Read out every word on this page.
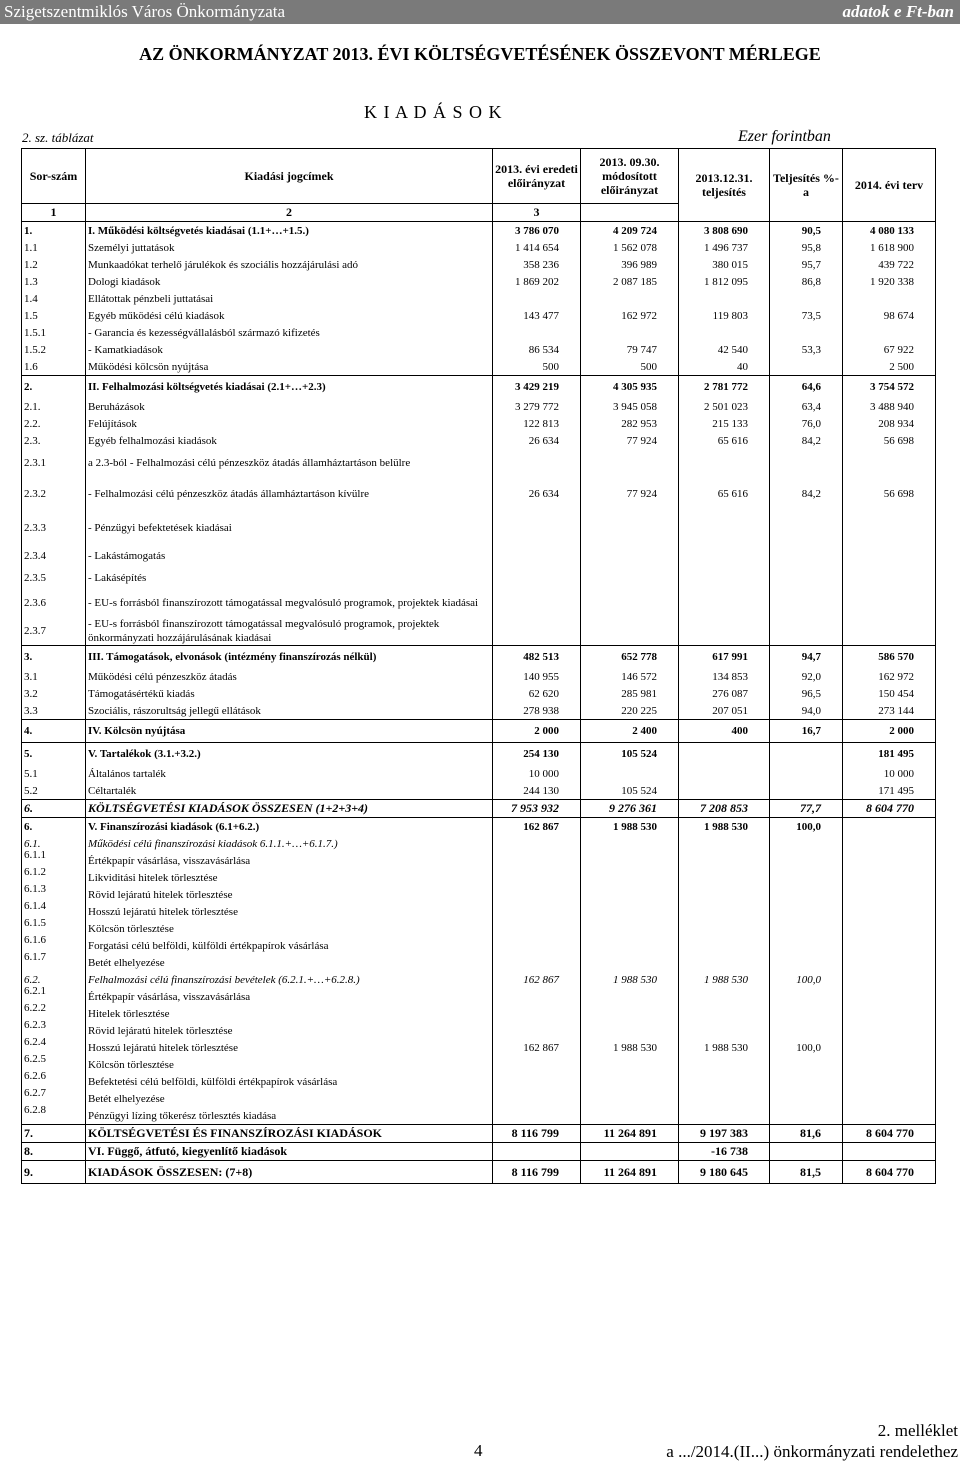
Szigetszentmiklós Város Önkormányzata	adatok e Ft-ban
AZ ÖNKORMÁNYZAT 2013. ÉVI KÖLTSÉGVETÉSÉNEK ÖSSZEVONT MÉRLEGE
K I A D Á S O K
2. sz. táblázat	Ezer forintban
Sor-szám	Kiadási jogcímek	2013. évi eredeti előirányzat	2013. 09.30. módosított előirányzat	2013.12.31. teljesítés	Teljesítés %-a	2014. évi terv
1	2	3				
1.	I. Működési költségvetés kiadásai (1.1+…+1.5.)	3 786 070	4 209 724	3 808 690	90,5	4 080 133
1.1	Személyi juttatások	1 414 654	1 562 078	1 496 737	95,8	1 618 900
1.2	Munkaadókat terhelő járulékok és szociális hozzájárulási adó	358 236	396 989	380 015	95,7	439 722
1.3	Dologi kiadások	1 869 202	2 087 185	1 812 095	86,8	1 920 338
1.4	Ellátottak pénzbeli juttatásai					
1.5	Egyéb működési célú kiadások	143 477	162 972	119 803	73,5	98 674
1.5.1	- Garancia és kezességvállalásból származó kifizetés					
1.5.2	- Kamatkiadások	86 534	79 747	42 540	53,3	67 922
1.6	Működési kölcsön nyújtása	500	500	40		2 500
2.	II. Felhalmozási költségvetés kiadásai (2.1+…+2.3)	3 429 219	4 305 935	2 781 772	64,6	3 754 572
2.1.	Beruházások	3 279 772	3 945 058	2 501 023	63,4	3 488 940
2.2.	Felújítások	122 813	282 953	215 133	76,0	208 934
2.3.	Egyéb felhalmozási kiadások	26 634	77 924	65 616	84,2	56 698
2.3.1	a 2.3-ból - Felhalmozási célú pénzeszköz átadás államháztartáson belülre					
2.3.2	- Felhalmozási célú pénzeszköz átadás államháztartáson kívülre	26 634	77 924	65 616	84,2	56 698
2.3.3	- Pénzügyi befektetések kiadásai					
2.3.4	- Lakástámogatás					
2.3.5	- Lakásépítés					
2.3.6	- EU-s forrásból finanszírozott támogatással megvalósuló programok, projektek kiadásai					
2.3.7	- EU-s forrásból finanszírozott támogatással megvalósuló programok, projektek önkormányzati hozzájárulásának kiadásai					
3.	III. Támogatások, elvonások (intézmény finanszírozás nélkül)	482 513	652 778	617 991	94,7	586 570
3.1	Működési célú pénzeszköz átadás	140 955	146 572	134 853	92,0	162 972
3.2	Támogatásértékű kiadás	62 620	285 981	276 087	96,5	150 454
3.3	Szociális, rászorultság jellegű ellátások	278 938	220 225	207 051	94,0	273 144
4.	IV. Kölcsön nyújtása	2 000	2 400	400	16,7	2 000
5.	V. Tartalékok (3.1.+3.2.)	254 130	105 524			181 495
5.1	Általános tartalék	10 000				10 000
5.2	Céltartalék	244 130	105 524			171 495
6.	KÖLTSÉGVETÉSI KIADÁSOK ÖSSZESEN (1+2+3+4)	7 953 932	9 276 361	7 208 853	77,7	8 604 770
6.	V. Finanszírozási kiadások (6.1+6.2.)	162 867	1 988 530	1 988 530	100,0	
6.1.	Működési célú finanszírozási kiadások 6.1.1.+…+6.1.7.)					
6.1.1	Értékpapír vásárlása, visszavásárlása					
6.1.2	Likviditási hitelek törlesztése					
6.1.3	Rövid lejáratú hitelek törlesztése					
6.1.4	Hosszú lejáratú hitelek törlesztése					
6.1.5	Kölcsön törlesztése					
6.1.6	Forgatási célú belföldi, külföldi értékpapírok vásárlása					
6.1.7	Betét elhelyezése					
6.2.	Felhalmozási célú finanszírozási bevételek (6.2.1.+…+6.2.8.)	162 867	1 988 530	1 988 530	100,0	
6.2.1	Értékpapír vásárlása, visszavásárlása					
6.2.2	Hitelek törlesztése					
6.2.3	Rövid lejáratú hitelek törlesztése					
6.2.4	Hosszú lejáratú hitelek törlesztése	162 867	1 988 530	1 988 530	100,0	
6.2.5	Kölcsön törlesztése					
6.2.6	Befektetési célú belföldi, külföldi értékpapírok vásárlása					
6.2.7	Betét elhelyezése					
6.2.8	Pénzügyi lízing tőkerész törlesztés kiadása					
7.	KÖLTSÉGVETÉSI ÉS FINANSZÍROZÁSI KIADÁSOK	8 116 799	11 264 891	9 197 383	81,6	8 604 770
8.	VI. Függő, átfutó, kiegyenlítő kiadások			-16 738		
9.	KIADÁSOK ÖSSZESEN: (7+8)	8 116 799	11 264 891	9 180 645	81,5	8 604 770
4
2. melléklet
a .../2014.(II...) önkormányzati rendelethez
